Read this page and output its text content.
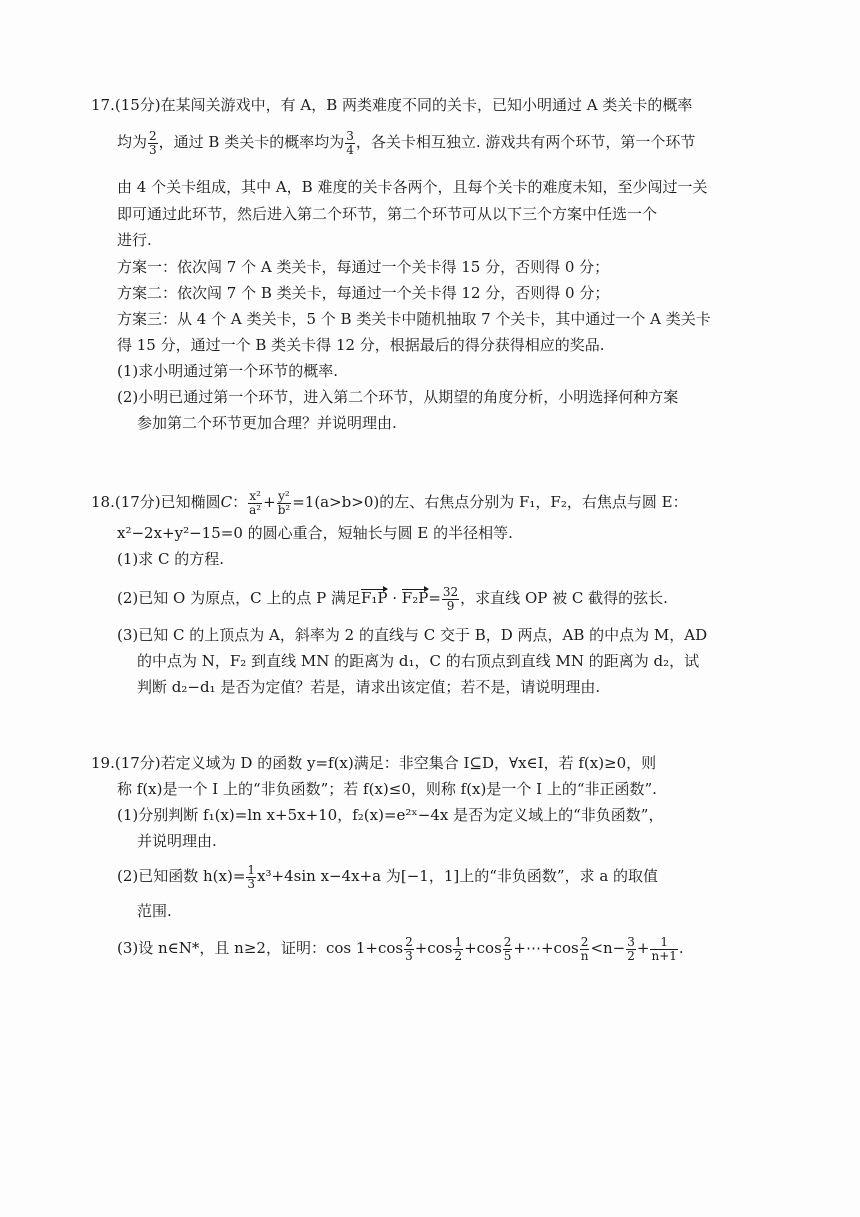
17.(15分)在某闯关游戏中，有 A，B 两类难度不同的关卡，已知小明通过 A 类关卡的概率
均为 $\frac{2}{3}$ ，通过 B 类关卡的概率均为 $\frac{3}{4}$ ，各关卡相互独立. 游戏共有两个环节，第一个环节
由 4 个关卡组成，其中 A，B 难度的关卡各两个，且每个关卡的难度未知，至少闯过一关
即可通过此环节，然后进入第二个环节，第二个环节可从以下三个方案中任选一个
进行.
方案一：依次闯 7 个 A 类关卡，每通过一个关卡得 15 分，否则得 0 分；
方案二：依次闯 7 个 B 类关卡，每通过一个关卡得 12 分，否则得 0 分；
方案三：从 4 个 A 类关卡，5 个 B 类关卡中随机抽取 7 个关卡，其中通过一个 A 类关卡
得 15 分，通过一个 B 类关卡得 12 分，根据最后的得分获得相应的奖品.
(1)求小明通过第一个环节的概率.
(2)小明已通过第一个环节，进入第二个环节，从期望的角度分析，小明选择何种方案
参加第二个环节更加合理？并说明理由.
18.(17分)已知椭圆C： $\frac{\text{x²}}{\text{a²}} + \frac{\text{y²}}{\text{b²}} =1(a>b>0)$的左、右焦点分别为 F₁，F₂，右焦点与圆 E：
x²−2x+y²−15=0 的圆心重合，短轴长与圆 E 的半径相等.
(1)求 C 的方程.
(2)已知 O 为原点，C 上的点 P 满足$F_1P \cdot F_2P= \frac{32}{9}$ ，求直线 OP 被 C 截得的弦长.
(3)已知 C 的上顶点为 A，斜率为 2 的直线与 C 交于 B，D 两点，AB 的中点为 M，AD
的中点为 N，F₂ 到直线 MN 的距离为 d₁，C 的右顶点到直线 MN 的距离为 d₂，试
判断 d₂−d₁ 是否为定值？若是，请求出该定值；若不是，请说明理由.
19.(17分)若定义域为 D 的函数 y=f(x)满足：非空集合 I⊆D，∀x∈I，若 f(x)≥0，则
称 f(x)是一个 I 上的“非负函数”；若 f(x)≤0，则称 f(x)是一个 I 上的“非正函数”.
(1)分别判断 f₁(x)=ln x+5x+10，f₂(x)=e²ˣ−4x 是否为定义域上的“非负函数”，
并说明理由.
(2)已知函数 $h(x)= \frac{1}{3} x^3+4\sin$ x−4x+a 为[−1，1]上的“非负函数”，求 a 的取值
范围.
(3)设 n∈N*，且 n≥2，证明：$\cos 1+\cos \frac{2}{3} +\cos \frac{1}{2} +\cos \frac{2}{5}$ +⋯+cos $\frac{2}{n} <n- \frac{3}{2} + \frac{1}{n+1}$ .
